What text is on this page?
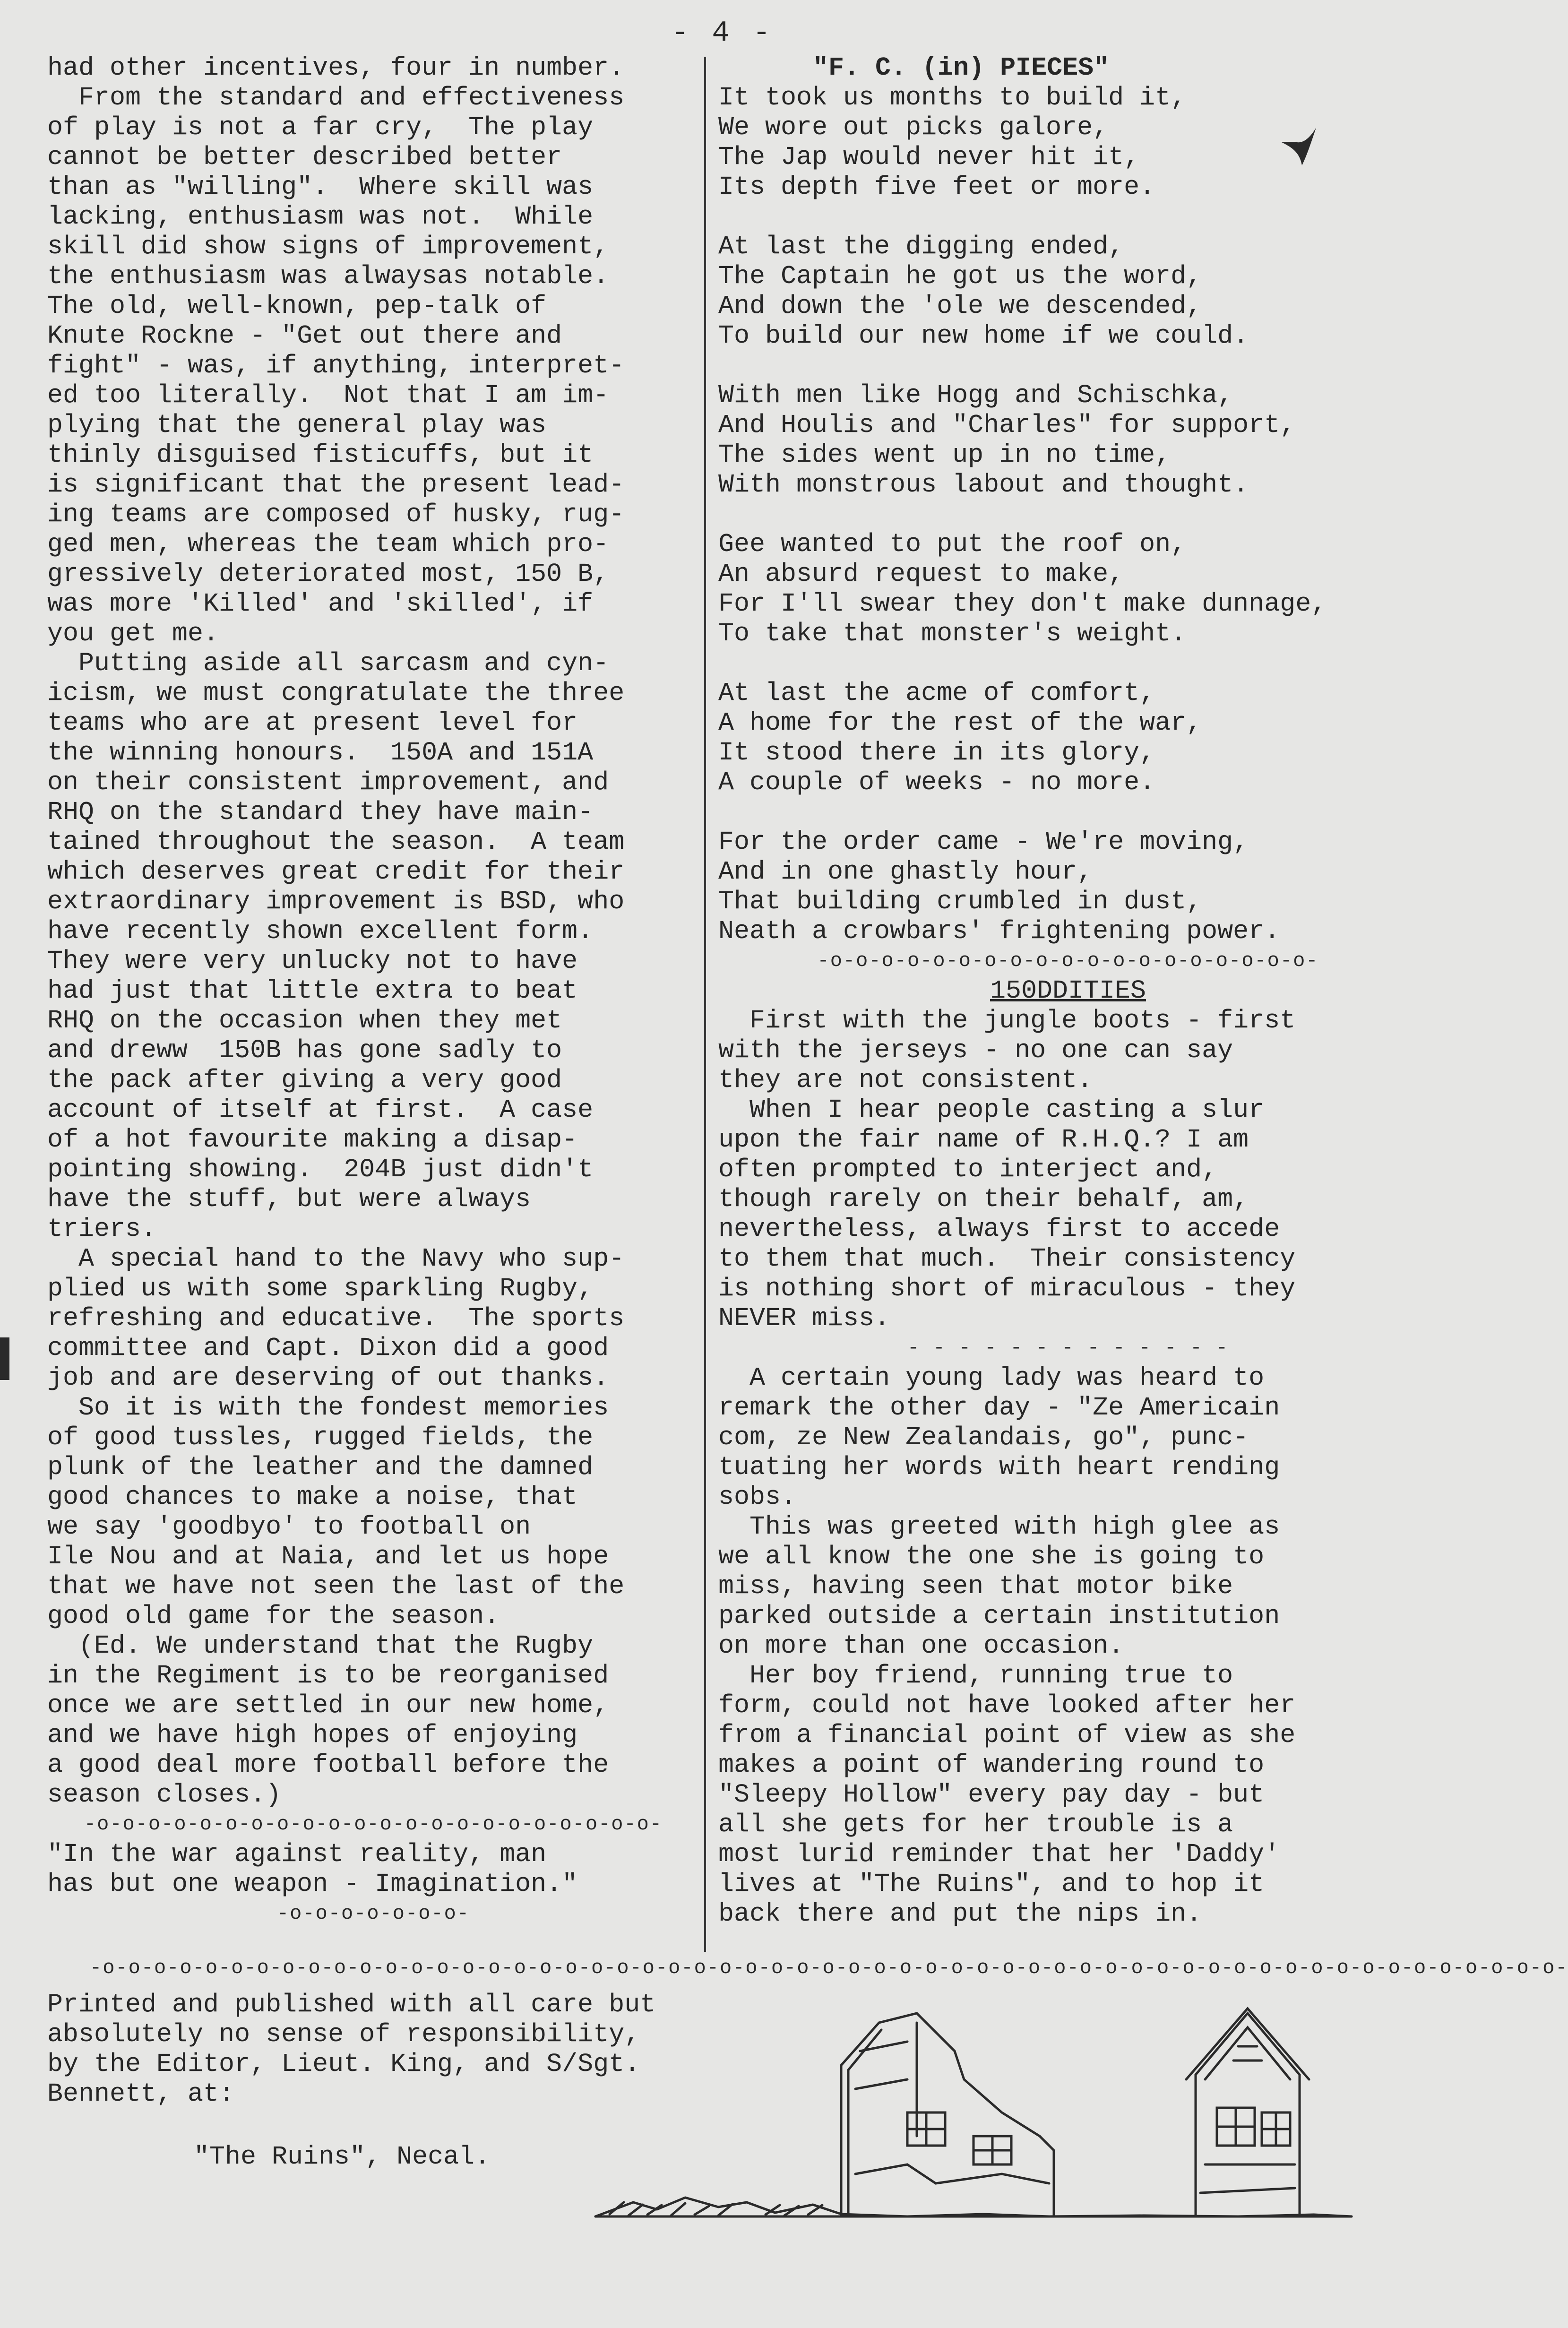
- 4 -
had other incentives, four in number.
From the standard and effectiveness
of play is not a far cry,  The play
cannot be better described better
than as "willing".  Where skill was
lacking, enthusiasm was not.  While
skill did show signs of improvement,
the enthusiasm was alwaysas notable.
The old, well-known, pep-talk of
Knute Rockne - "Get out there and
fight" - was, if anything, interpret-
ed too literally.  Not that I am im-
plying that the general play was
thinly disguised fisticuffs, but it
is significant that the present lead-
ing teams are composed of husky, rug-
ged men, whereas the team which pro-
gressively deteriorated most, 150 B,
was more 'Killed' and 'skilled', if
you get me.
Putting aside all sarcasm and cyn-
icism, we must congratulate the three
teams who are at present level for
the winning honours.  150A and 151A
on their consistent improvement, and
RHQ on the standard they have main-
tained throughout the season.  A team
which deserves great credit for their
extraordinary improvement is BSD, who
have recently shown excellent form.
They were very unlucky not to have
had just that little extra to beat
RHQ on the occasion when they met
and dreww  150B has gone sadly to
the pack after giving a very good
account of itself at first.  A case
of a hot favourite making a disap-
pointing showing.  204B just didn't
have the stuff, but were always
triers.
A special hand to the Navy who sup-
plied us with some sparkling Rugby,
refreshing and educative.  The sports
committee and Capt. Dixon did a good
job and are deserving of out thanks.
So it is with the fondest memories
of good tussles, rugged fields, the
plunk of the leather and the damned
good chances to make a noise, that
we say 'goodbyo' to football on
Ile Nou and at Naia, and let us hope
that we have not seen the last of the
good old game for the season.
(Ed. We understand that the Rugby
in the Regiment is to be reorganised
once we are settled in our new home,
and we have high hopes of enjoying
a good deal more football before the
season closes.)
-o-o-o-o-o-o-o-o-o-o-o-o-o-o-o-o-o-o-o-o-o-o-
"In the war against reality, man
has but one weapon - Imagination."
-o-o-o-o-o-o-o-
"F. C. (in) PIECES"
It took us months to build it,
We wore out picks galore,
The Jap would never hit it,
Its depth five feet or more.
At last the digging ended,
The Captain he got us the word,
And down the 'ole we descended,
To build our new home if we could.
With men like Hogg and Schischka,
And Houlis and "Charles" for support,
The sides went up in no time,
With monstrous labout and thought.
Gee wanted to put the roof on,
An absurd request to make,
For I'll swear they don't make dunnage,
To take that monster's weight.
At last the acme of comfort,
A home for the rest of the war,
It stood there in its glory,
A couple of weeks - no more.
For the order came - We're moving,
And in one ghastly hour,
That building crumbled in dust,
Neath a crowbars' frightening power.
-o-o-o-o-o-o-o-o-o-o-o-o-o-o-o-o-o-o-o-
150DDITIES
First with the jungle boots - first
with the jerseys - no one can say
they are not consistent.
When I hear people casting a slur
upon the fair name of R.H.Q.? I am
often prompted to interject and,
though rarely on their behalf, am,
nevertheless, always first to accede
to them that much.  Their consistency
is nothing short of miraculous - they
NEVER miss.
- - - - - - - - - - - - -
A certain young lady was heard to
remark the other day - "Ze Americain
com, ze New Zealandais, go", punc-
tuating her words with heart rending
sobs.
This was greeted with high glee as
we all know the one she is going to
miss, having seen that motor bike
parked outside a certain institution
on more than one occasion.
Her boy friend, running true to
form, could not have looked after her
from a financial point of view as she
makes a point of wandering round to
"Sleepy Hollow" every pay day - but
all she gets for her trouble is a
most lurid reminder that her 'Daddy'
lives at "The Ruins", and to hop it
back there and put the nips in.
-o-o-o-o-o-o-o-o-o-o-o-o-o-o-o-o-o-o-o-o-o-o-o-o-o-o-o-o-o-o-o-o-o-o-o-o-o-o-o-o-o-o-o-o-o-o-o-o-o-o-o-o-o-o-o-o-o-
Printed and published with all care but
absolutely no sense of responsibility,
by the Editor, Lieut. King, and S/Sgt.
Bennett, at:
"The Ruins", Necal.
